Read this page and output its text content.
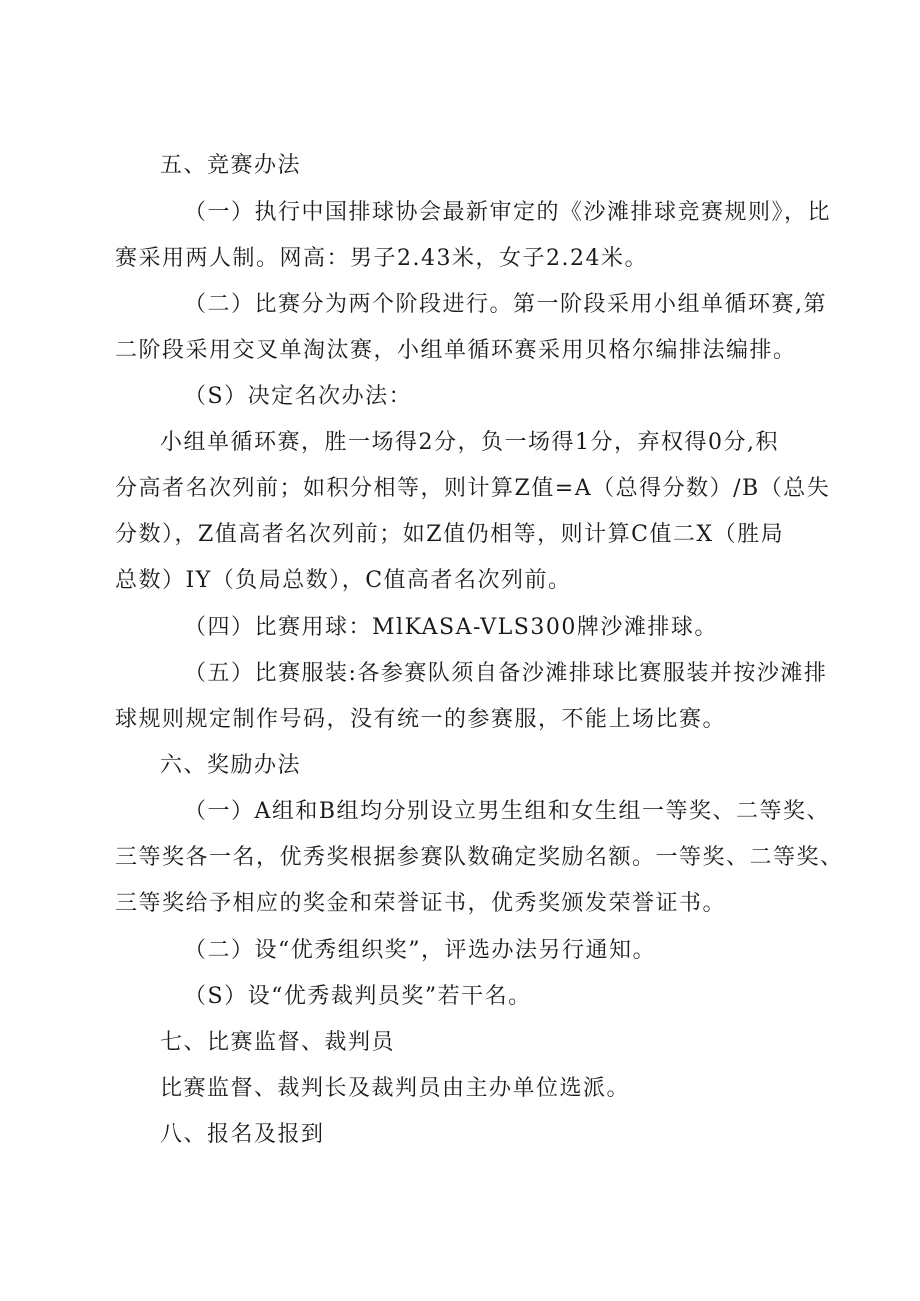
五、竞赛办法
（一）执行中国排球协会最新审定的《沙滩排球竞赛规则》，比
赛采用两人制。网高：男子2.43米，女子2.24米。
（二）比赛分为两个阶段进行。第一阶段采用小组单循环赛,第
二阶段采用交叉单淘汰赛，小组单循环赛采用贝格尔编排法编排。
（S）决定名次办法：
小组单循环赛，胜一场得2分，负一场得1分，弃权得0分,积
分高者名次列前；如积分相等，则计算Z值=A（总得分数）/B（总失
分数），Z值高者名次列前；如Z值仍相等，则计算C值二X（胜局
总数）IY（负局总数），C值高者名次列前。
（四）比赛用球：MlKASA-VLS300牌沙滩排球。
（五）比赛服装:各参赛队须自备沙滩排球比赛服装并按沙滩排
球规则规定制作号码，没有统一的参赛服，不能上场比赛。
六、奖励办法
（一）A组和B组均分别设立男生组和女生组一等奖、二等奖、
三等奖各一名，优秀奖根据参赛队数确定奖励名额。一等奖、二等奖、
三等奖给予相应的奖金和荣誉证书，优秀奖颁发荣誉证书。
（二）设“优秀组织奖”，评选办法另行通知。
（S）设“优秀裁判员奖”若干名。
七、比赛监督、裁判员
比赛监督、裁判长及裁判员由主办单位选派。
八、报名及报到
